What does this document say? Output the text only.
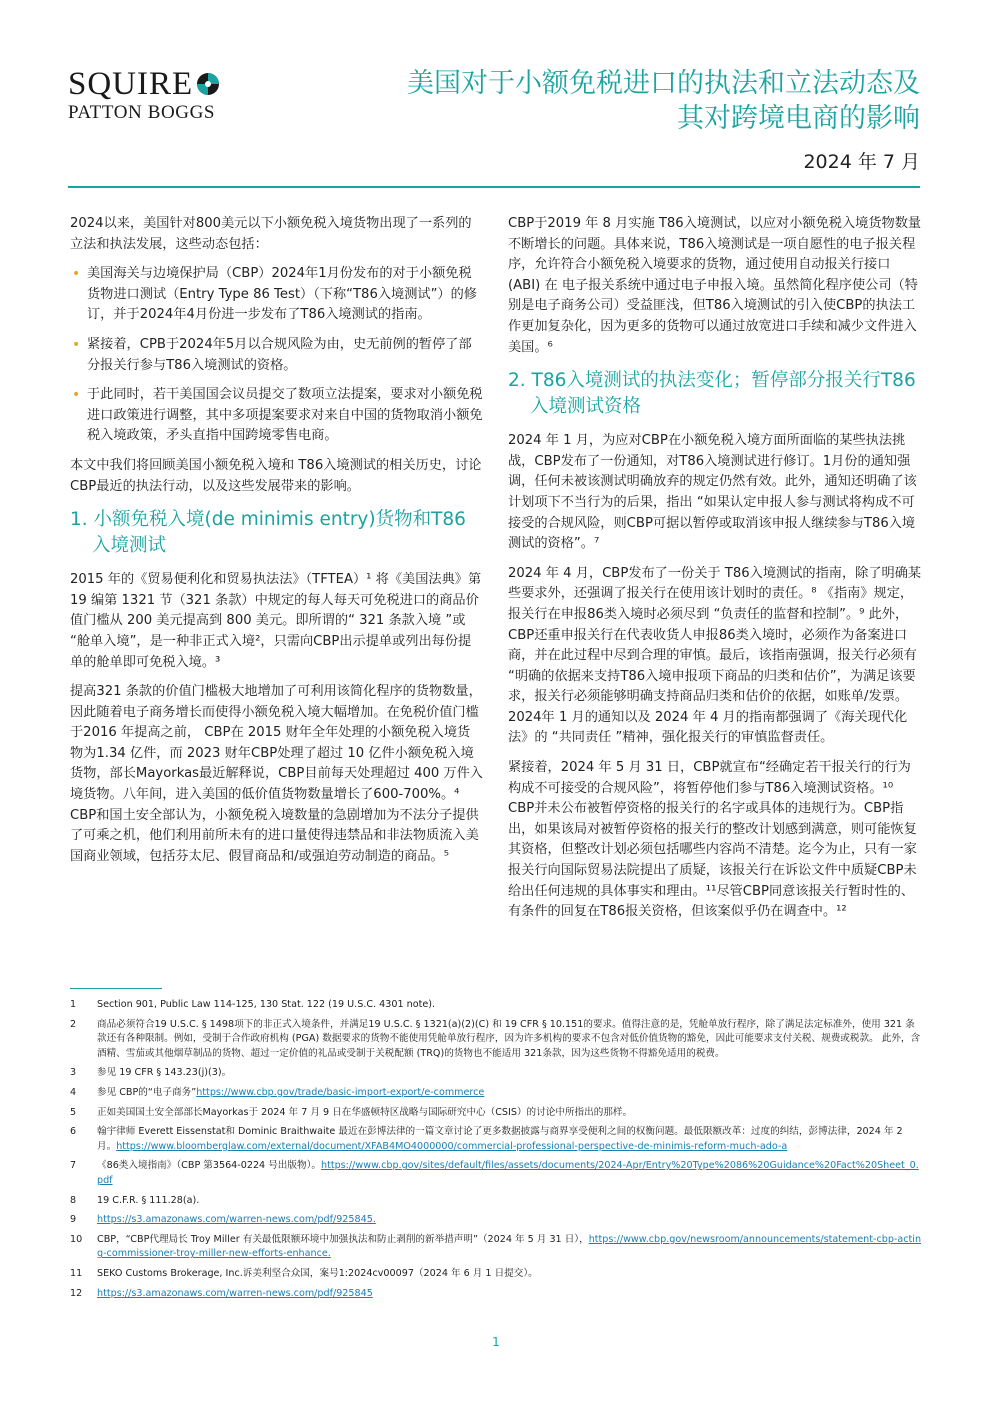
SQUIRE
PATTON BOGGS
美国对于小额免税进口的执法和立法动态及
其对跨境电商的影响
2024 年 7 月

2024以来，美国针对800美元以下小额免税入境货物出现了一系列的立法和执法发展，这些动态包括：

• 美国海关与边境保护局（CBP）2024年1月份发布的对于小额免税货物进口测试（Entry Type 86 Test）（下称“T86入境测试”）的修订，并于2024年4月份进一步发布了T86入境测试的指南。
• 紧接着，CPB于2024年5月以合规风险为由，史无前例的暂停了部分报关行参与T86入境测试的资格。
• 于此同时，若干美国国会议员提交了数项立法提案，要求对小额免税进口政策进行调整，其中多项提案要求对来自中国的货物取消小额免税入境政策，矛头直指中国跨境零售电商。

本文中我们将回顾美国小额免税入境和 T86入境测试的相关历史，讨论CBP最近的执法行动，以及这些发展带来的影响。

1. 小额免税入境(de minimis entry)货物和T86入境测试

2015 年的《贸易便利化和贸易执法法》（TFTEA）¹ 将《美国法典》第 19 编第 1321 节（321 条款）中规定的每人每天可免税进口的商品价值门槛从 200 美元提高到 800 美元。即所谓的“ 321 条款入境 ”或 “舱单入境”，是一种非正式入境²，只需向CBP出示提单或列出每份提单的舱单即可免税入境。³

提高321 条款的价值门槛极大地增加了可利用该简化程序的货物数量，因此随着电子商务增长而使得小额免税入境大幅增加。在免税价值门槛于2016 年提高之前， CBP在 2015 财年全年处理的小额免税入境货物为1.34 亿件，而 2023 财年CBP处理了超过 10 亿件小额免税入境货物，部长Mayorkas最近解释说，CBP目前每天处理超过 400 万件入境货物。八年间，进入美国的低价值货物数量增长了600-700%。⁴ CBP和国土安全部认为，小额免税入境数量的急剧增加为不法分子提供了可乘之机，他们利用前所未有的进口量使得违禁品和非法物质流入美国商业领域，包括芬太尼、假冒商品和/或强迫劳动制造的商品。⁵

CBP于2019 年 8 月实施 T86入境测试，以应对小额免税入境货物数量不断增长的问题。具体来说，T86入境测试是一项自愿性的电子报关程序，允许符合小额免税入境要求的货物，通过使用自动报关行接口 (ABI) 在 电子报关系统中通过电子申报入境。虽然简化程序使公司（特别是电子商务公司）受益匪浅，但T86入境测试的引入使CBP的执法工作更加复杂化，因为更多的货物可以通过放宽进口手续和减少文件进入美国。⁶

2. T86入境测试的执法变化；暂停部分报关行T86入境测试资格

2024 年 1 月，为应对CBP在小额免税入境方面所面临的某些执法挑战，CBP发布了一份通知，对T86入境测试进行修订。1月份的通知强调，任何未被该测试明确放弃的规定仍然有效。此外，通知还明确了该计划项下不当行为的后果，指出 “如果认定申报人参与测试将构成不可接受的合规风险，则CBP可据以暂停或取消该申报人继续参与T86入境测试的资格”。⁷

2024 年 4 月，CBP发布了一份关于 T86入境测试的指南，除了明确某些要求外，还强调了报关行在使用该计划时的责任。⁸ 《指南》规定，报关行在申报86类入境时必须尽到 “负责任的监督和控制”。⁹ 此外，CBP还重申报关行在代表收货人申报86类入境时，必须作为备案进口商，并在此过程中尽到合理的审慎。最后，该指南强调，报关行必须有 “明确的依据来支持T86入境申报项下商品的归类和估价”，为满足该要求，报关行必须能够明确支持商品归类和估价的依据，如账单/发票。2024年 1 月的通知以及 2024 年 4 月的指南都强调了《海关现代化法》的 “共同责任 ”精神，强化报关行的审慎监督责任。

紧接着，2024 年 5 月 31 日，CBP就宣布“经确定若干报关行的行为构成不可接受的合规风险”，将暂停他们参与T86入境测试资格。¹⁰ CBP并未公布被暂停资格的报关行的名字或具体的违规行为。CBP指出，如果该局对被暂停资格的报关行的整改计划感到满意，则可能恢复其资格，但整改计划必须包括哪些内容尚不清楚。迄今为止，只有一家报关行向国际贸易法院提出了质疑，该报关行在诉讼文件中质疑CBP未给出任何违规的具体事实和理由。¹¹尽管CBP同意该报关行暂时性的、有条件的回复在T86报关资格，但该案似乎仍在调查中。¹²

1	Section 901, Public Law 114-125, 130 Stat. 122 (19 U.S.C. 4301 note).
2	商品必须符合19 U.S.C. § 1498项下的非正式入境条件，并满足19 U.S.C. § 1321(a)(2)(C) 和 19 CFR § 10.151的要求。值得注意的是，凭舱单放行程序，除了满足法定标准外，使用 321 条款还有各种限制。例如，受制于合作政府机构 (PGA) 数据要求的货物不能使用凭舱单放行程序，因为许多机构的要求不包含对低价值货物的豁免，因此可能要求支付关税、规费或税款。 此外，含酒精、雪茄或其他烟草制品的货物、超过一定价值的礼品或受制于关税配额 (TRQ)的货物也不能适用 321条款，因为这些货物不得豁免适用的税费。
3	参见 19 CFR § 143.23(j)(3)。
4	参见 CBP的“电子商务”https://www.cbp.gov/trade/basic-import-export/e-commerce
5	正如美国国土安全部部长Mayorkas于 2024 年 7 月 9 日在华盛顿特区战略与国际研究中心（CSIS）的讨论中所指出的那样。
6	翰宇律师 Everett Eissenstat和 Dominic Braithwaite 最近在彭博法律的一篇文章讨论了更多数据披露与商界享受便利之间的权衡问题。最低限额改革：过度的纠结，彭博法律，2024 年 2 月。https://www.bloomberglaw.com/external/document/XFAB4MO4000000/commercial-professional-perspective-de-minimis-reform-much-ado-a
7	《86类入境指南》（CBP 第3564-0224 号出版物）。https://www.cbp.gov/sites/default/files/assets/documents/2024-Apr/Entry%20Type%2086%20Guidance%20Fact%20Sheet_0.pdf
8	19 C.F.R. § 111.28(a).
9	https://s3.amazonaws.com/warren-news.com/pdf/925845.
10	CBP，“CBP代理局长 Troy Miller 有关最低限额环境中加强执法和防止剥削的新举措声明”（2024 年 5 月 31 日），https://www.cbp.gov/newsroom/announcements/statement-cbp-acting-commissioner-troy-miller-new-efforts-enhance.
11	SEKO Customs Brokerage, Inc.诉美利坚合众国，案号1:2024cv00097（2024 年 6 月 1 日提交）。
12	https://s3.amazonaws.com/warren-news.com/pdf/925845
1
